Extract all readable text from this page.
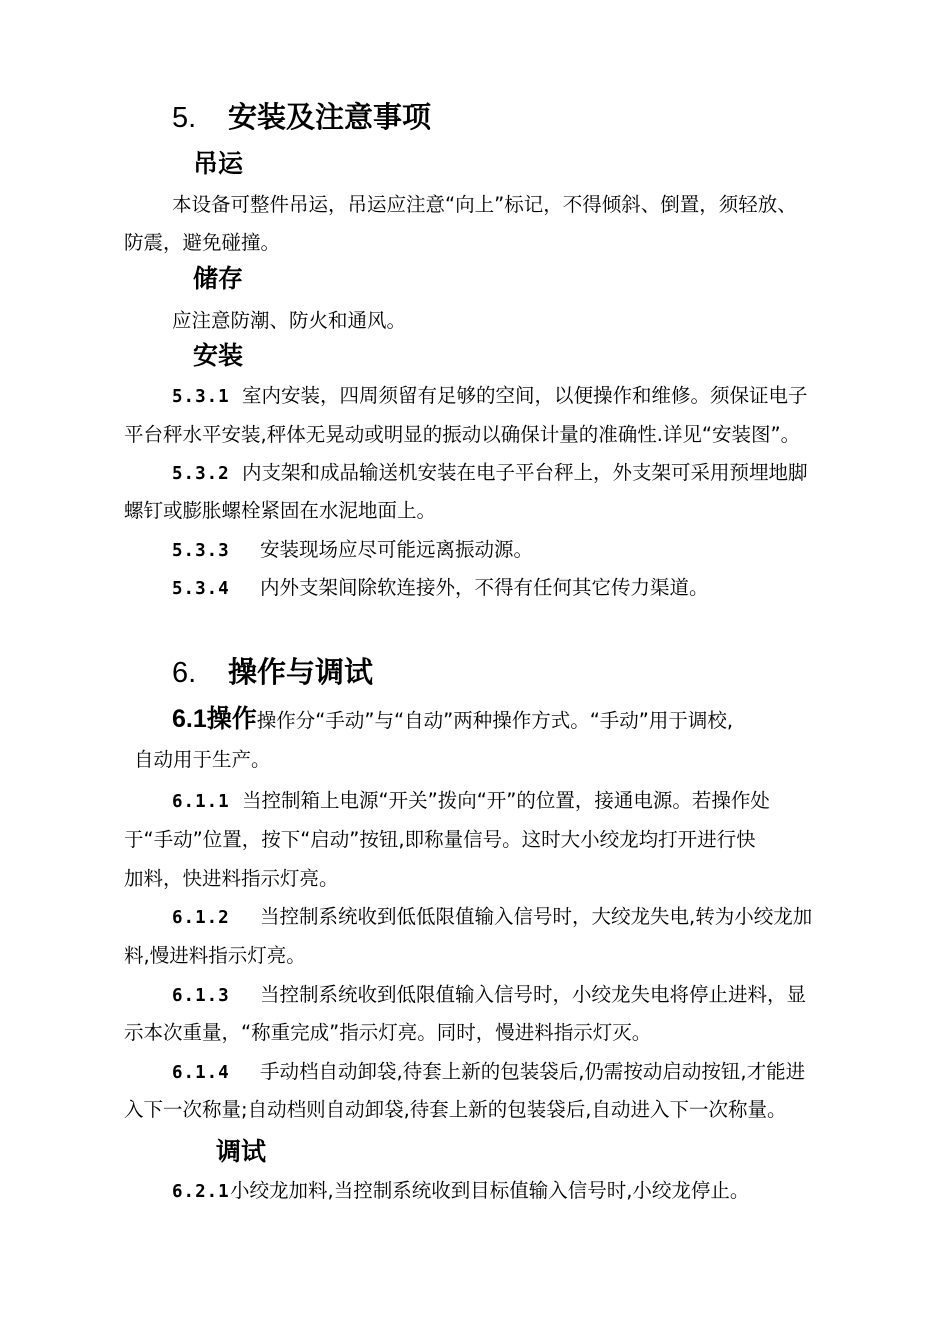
5. 安装及注意事项
吊运
本设备可整件吊运，吊运应注意“向上”标记，不得倾斜、倒置，须轻放、
防震，避免碰撞。
储存
应注意防潮、防火和通风。
安装
5.3.1 室内安装，四周须留有足够的空间，以便操作和维修。须保证电子
平台秤水平安装,秤体无晃动或明显的振动以确保计量的准确性.详见“安装图”。
5.3.2 内支架和成品输送机安装在电子平台秤上，外支架可采用预埋地脚
螺钉或膨胀螺栓紧固在水泥地面上。
5.3.3 安装现场应尽可能远离振动源。
5.3.4 内外支架间除软连接外，不得有任何其它传力渠道。
6. 操作与调试
6.1操作操作分“手动”与“自动”两种操作方式。“手动”用于调校,
自动用于生产。
6.1.1 当控制箱上电源“开关”拨向“开”的位置，接通电源。若操作处
于“手动”位置，按下“启动”按钮,即称量信号。这时大小绞龙均打开进行快
加料，快进料指示灯亮。
6.1.2 当控制系统收到低低限值输入信号时，大绞龙失电,转为小绞龙加
料,慢进料指示灯亮。
6.1.3 当控制系统收到低限值输入信号时，小绞龙失电将停止进料，显
示本次重量，“称重完成”指示灯亮。同时，慢进料指示灯灭。
6.1.4 手动档自动卸袋,待套上新的包装袋后,仍需按动启动按钮,才能进
入下一次称量;自动档则自动卸袋,待套上新的包装袋后,自动进入下一次称量。
调试
6.2.1小绞龙加料,当控制系统收到目标值输入信号时,小绞龙停止。
